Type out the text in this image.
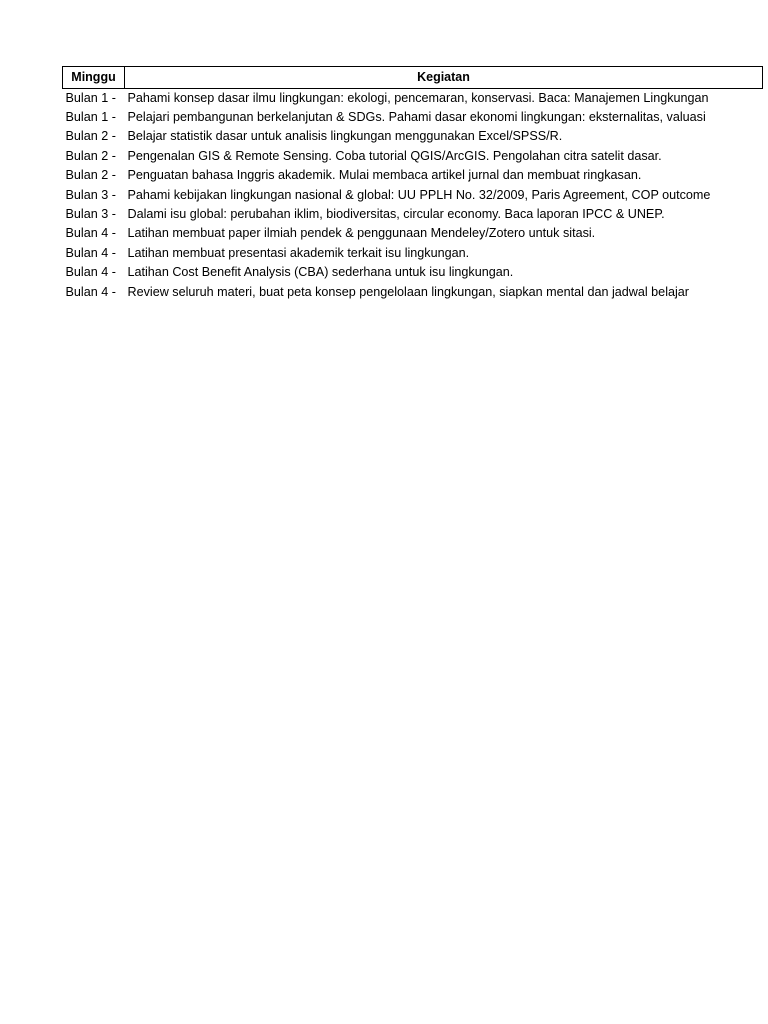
Minggu	Kegiatan
Bulan 1 -	Pahami konsep dasar ilmu lingkungan: ekologi, pencemaran, konservasi. Baca: Manajemen Lingkungan
Bulan 1 -	Pelajari pembangunan berkelanjutan & SDGs. Pahami dasar ekonomi lingkungan: eksternalitas, valuasi
Bulan 2 -	Belajar statistik dasar untuk analisis lingkungan menggunakan Excel/SPSS/R.
Bulan 2 -	Pengenalan GIS & Remote Sensing. Coba tutorial QGIS/ArcGIS. Pengolahan citra satelit dasar.
Bulan 2 -	Penguatan bahasa Inggris akademik. Mulai membaca artikel jurnal dan membuat ringkasan.
Bulan 3 -	Pahami kebijakan lingkungan nasional & global: UU PPLH No. 32/2009, Paris Agreement, COP outcome
Bulan 3 -	Dalami isu global: perubahan iklim, biodiversitas, circular economy. Baca laporan IPCC & UNEP.
Bulan 4 -	Latihan membuat paper ilmiah pendek & penggunaan Mendeley/Zotero untuk sitasi.
Bulan 4 -	Latihan membuat presentasi akademik terkait isu lingkungan.
Bulan 4 -	Latihan Cost Benefit Analysis (CBA) sederhana untuk isu lingkungan.
Bulan 4 -	Review seluruh materi, buat peta konsep pengelolaan lingkungan, siapkan mental dan jadwal belajar
